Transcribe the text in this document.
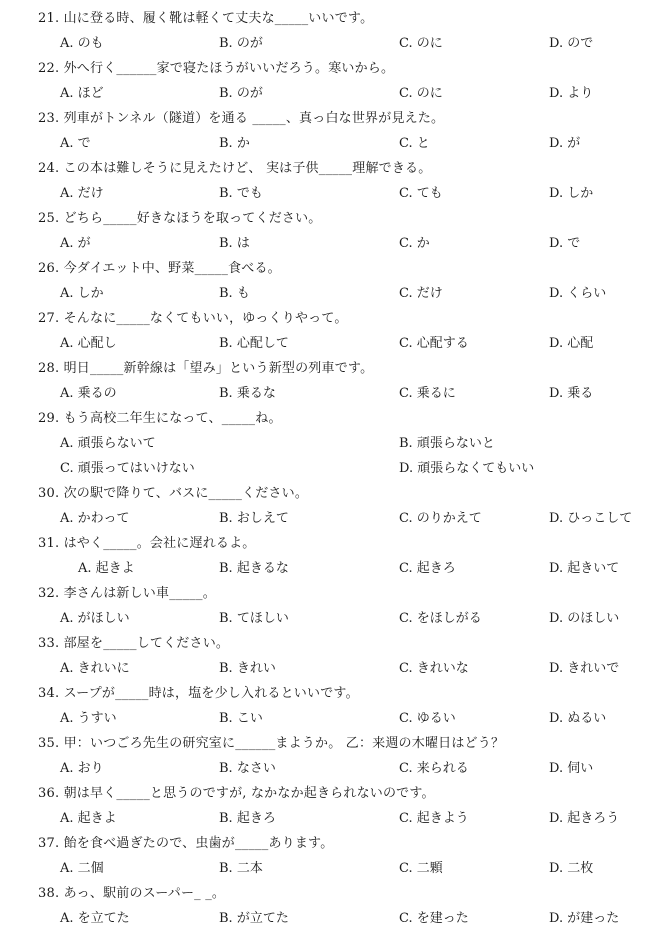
21. 山に登る時、履く靴は軽くて丈夫な_____いいです。
A. のも	B. のが	C. のに	D. ので
22. 外へ行く______家で寝たほうがいいだろう。寒いから。
A. ほど	B. のが	C. のに	D. より
23. 列車がトンネル（隧道）を通る _____、真っ白な世界が見えた。
A. で	B. か	C. と	D. が
24. この本は難しそうに見えたけど、 実は子供_____理解できる。
A. だけ	B. でも	C. ても	D. しか
25. どちら_____好きなほうを取ってください。
A. が	B. は	C. か	D. で
26. 今ダイエット中、野菜_____食べる。
A. しか	B. も	C. だけ	D. くらい
27. そんなに_____なくてもいい，ゆっくりやって。
A. 心配し	B. 心配して	C. 心配する	D. 心配
28. 明日_____新幹線は「望み」という新型の列車です。
A. 乗るの	B. 乗るな	C. 乗るに	D. 乗る
29. もう高校二年生になって、_____ね。
A. 頑張らないて	B. 頑張らないと
C. 頑張ってはいけない	D. 頑張らなくてもいい
30. 次の駅で降りて、バスに_____ください。
A. かわって	B. おしえて	C. のりかえて	D. ひっこして
31. はやく_____。会社に遅れるよ。
A. 起きよ	B. 起きるな	C. 起きろ	D. 起きいて
32. 李さんは新しい車_____。
A. がほしい	B. てほしい	C. をほしがる	D. のほしい
33. 部屋を_____してください。
A. きれいに	B. きれい	C. きれいな	D. きれいで
34. スープが_____時は，塩を少し入れるといいです。
A. うすい	B. こい	C. ゆるい	D. ぬるい
35. 甲：いつごろ先生の研究室に______まようか。 乙：来週の木曜日はどう？
A. おり	B. なさい	C. 来られる	D. 伺い
36. 朝は早く_____と思うのですが, なかなか起きられないのです。
A. 起きよ	B. 起きろ	C. 起きよう	D. 起きろう
37. 飴を食べ過ぎたので、虫歯が_____あります。
A. 二個	B. 二本	C. 二顆	D. 二枚
38. あっ、駅前のスーパー_ _。
A. を立てた	B. が立てた	C. を建った	D. が建った
